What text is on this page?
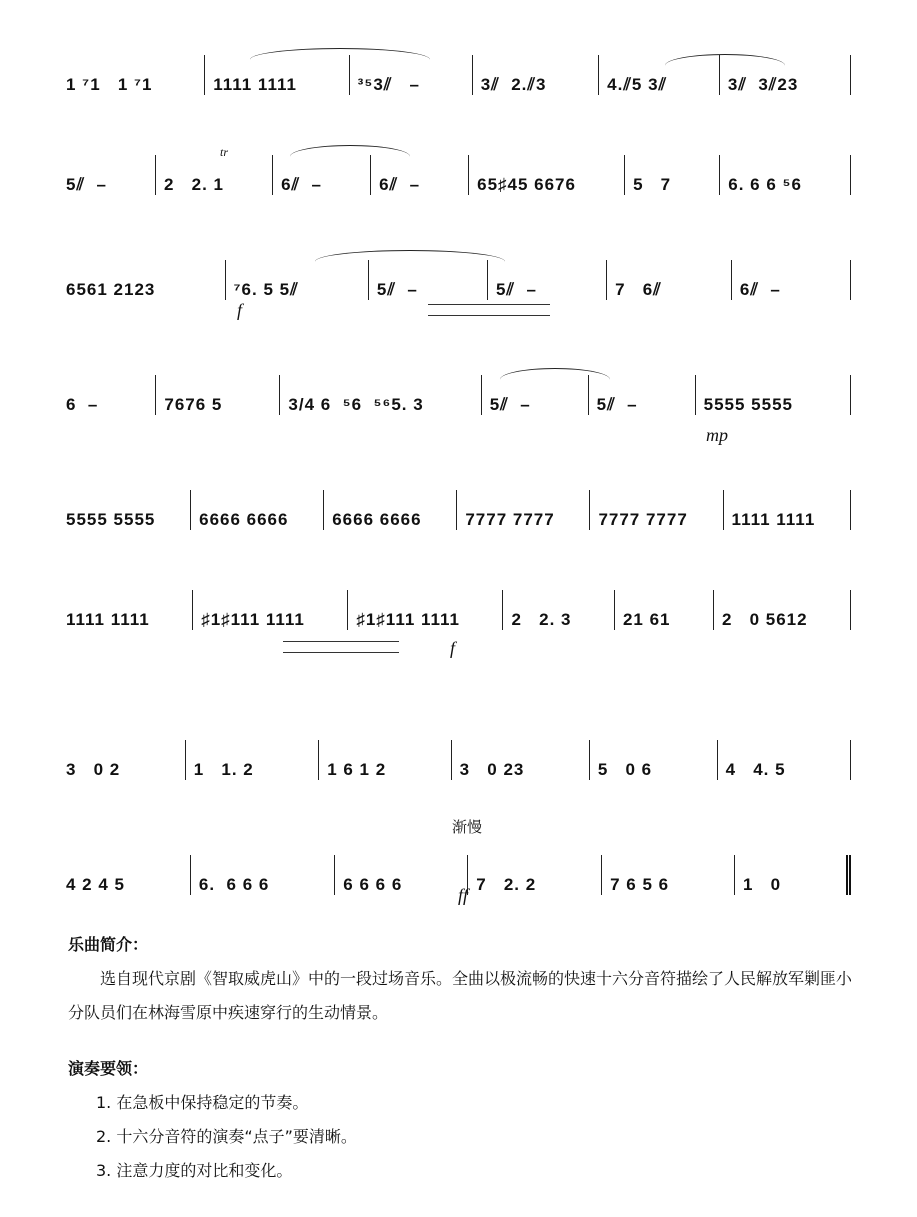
1 ⁷1   1 ⁷1	1111 1111	³⁵3⫽   –	3⫽  2.⫽3	4.⫽5 3⫽	3⫽  3⫽23
5⫽  –	2   2. 1	6⫽  –	6⫽  –	65♯45 6676	5   7	6. 6 6 ⁵6
6561 2123	⁷6. 5 5⫽	5⫽  –	5⫽  –	7   6⫽	6⫽  –
6  –	7676 5	3/4 6  ⁵6  ⁵⁶5. 3	5⫽  –	5⫽  –	5555 5555
5555 5555	6666 6666	6666 6666	7777 7777	7777 7777	1111 1111
1111 1111	♯1♯111 1111	♯1♯111 1111	2   2. 3	21 61	2   0 5612
3   0 2	1   1. 2	1 6 1 2	3   0 23	5   0 6	4   4. 5
4 2 4 5	6.  6 6 6	6 6 6 6	7   2. 2	7 6 5 6	1   0
tr
f
mp
f
渐慢
ff
乐曲简介：
选自现代京剧《智取威虎山》中的一段过场音乐。全曲以极流畅的快速十六分音符描绘了人民解放军剿匪小分队员们在林海雪原中疾速穿行的生动情景。
演奏要领：
1. 在急板中保持稳定的节奏。
2. 十六分音符的演奏“点子”要清晰。
3. 注意力度的对比和变化。
